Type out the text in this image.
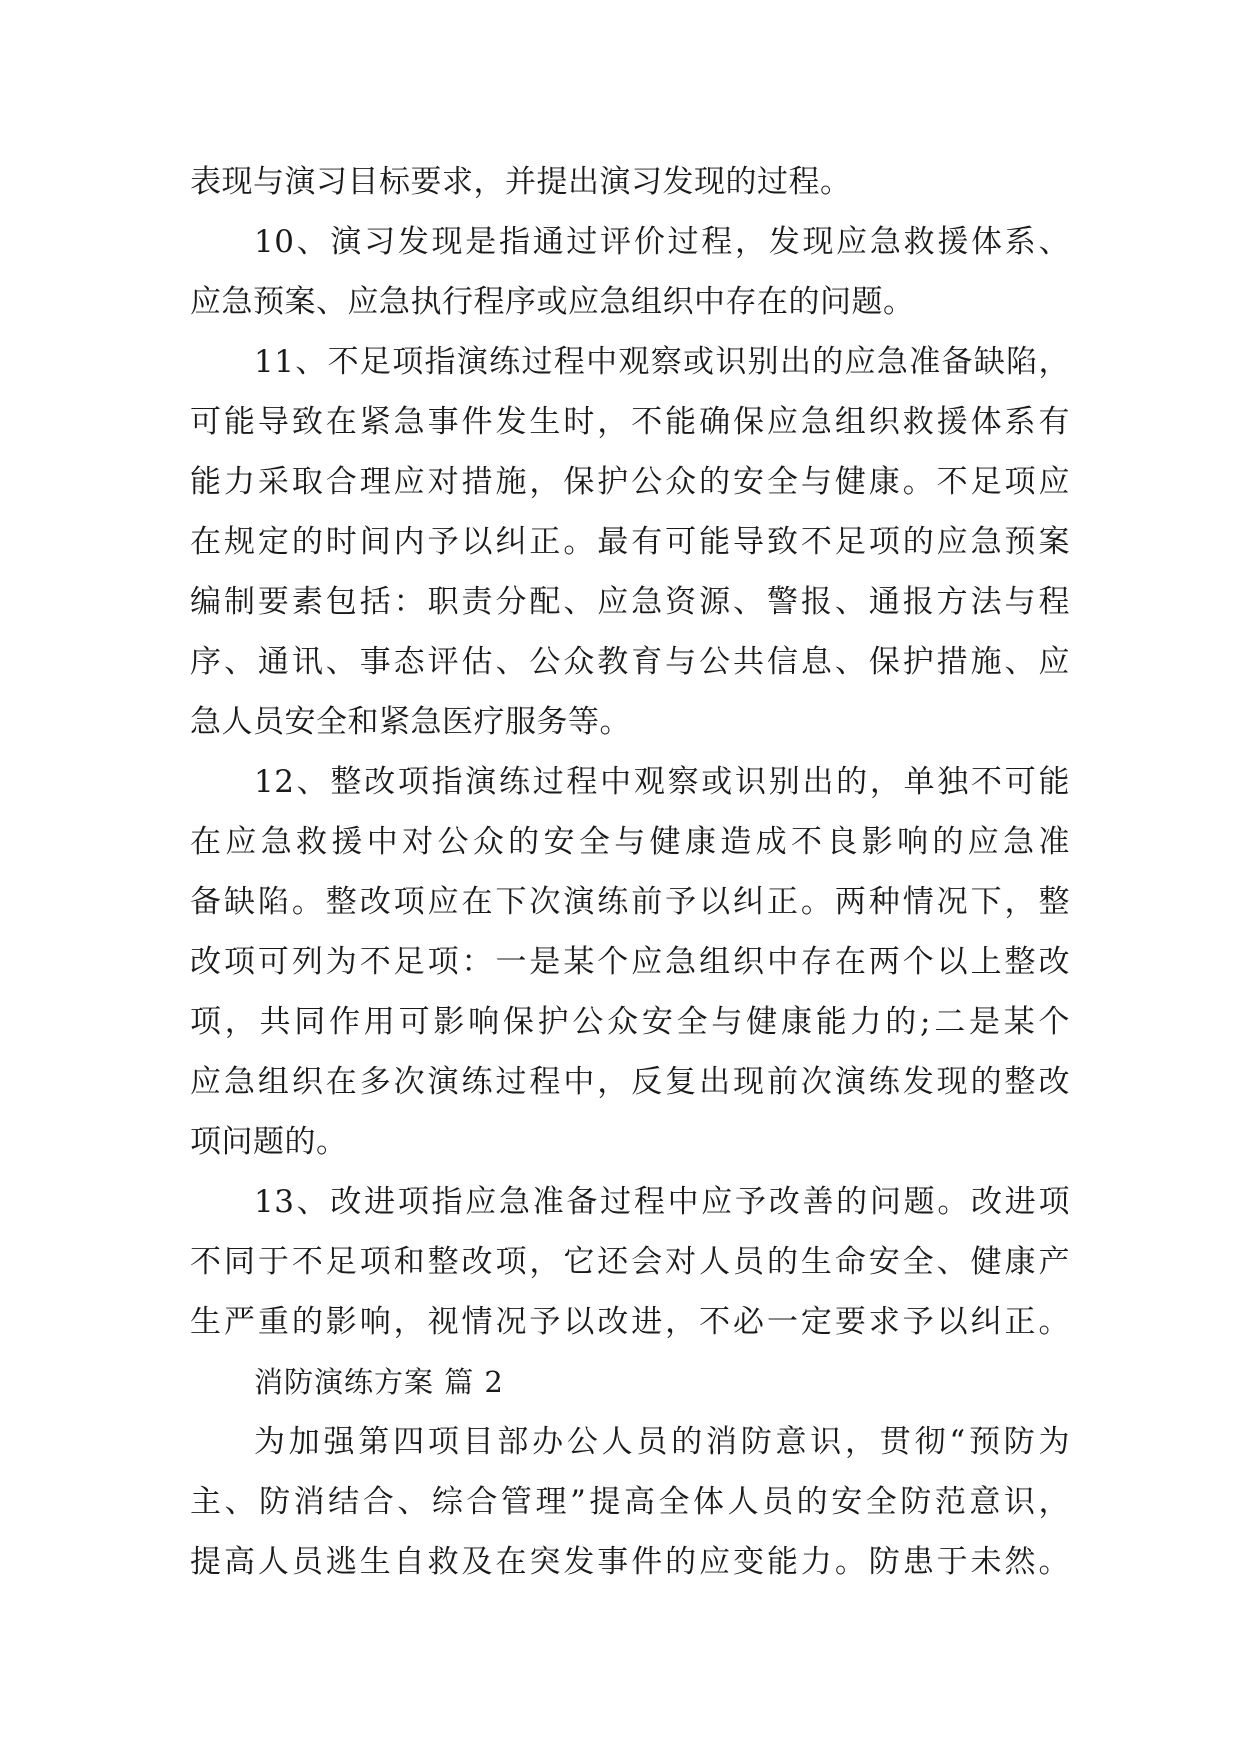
表现与演习目标要求，并提出演习发现的过程。
10、演习发现是指通过评价过程，发现应急救援体系、
应急预案、应急执行程序或应急组织中存在的问题。
11、不足项指演练过程中观察或识别出的应急准备缺陷，
可能导致在紧急事件发生时，不能确保应急组织救援体系有
能力采取合理应对措施，保护公众的安全与健康。不足项应
在规定的时间内予以纠正。最有可能导致不足项的应急预案
编制要素包括：职责分配、应急资源、警报、通报方法与程
序、通讯、事态评估、公众教育与公共信息、保护措施、应
急人员安全和紧急医疗服务等。
12、整改项指演练过程中观察或识别出的，单独不可能
在应急救援中对公众的安全与健康造成不良影响的应急准
备缺陷。整改项应在下次演练前予以纠正。两种情况下，整
改项可列为不足项：一是某个应急组织中存在两个以上整改
项，共同作用可影响保护公众安全与健康能力的;二是某个
应急组织在多次演练过程中，反复出现前次演练发现的整改
项问题的。
13、改进项指应急准备过程中应予改善的问题。改进项
不同于不足项和整改项，它还会对人员的生命安全、健康产
生严重的影响，视情况予以改进，不必一定要求予以纠正。
消防演练方案 篇 2
为加强第四项目部办公人员的消防意识，贯彻“预防为
主、防消结合、综合管理”提高全体人员的安全防范意识，
提高人员逃生自救及在突发事件的应变能力。防患于未然。
